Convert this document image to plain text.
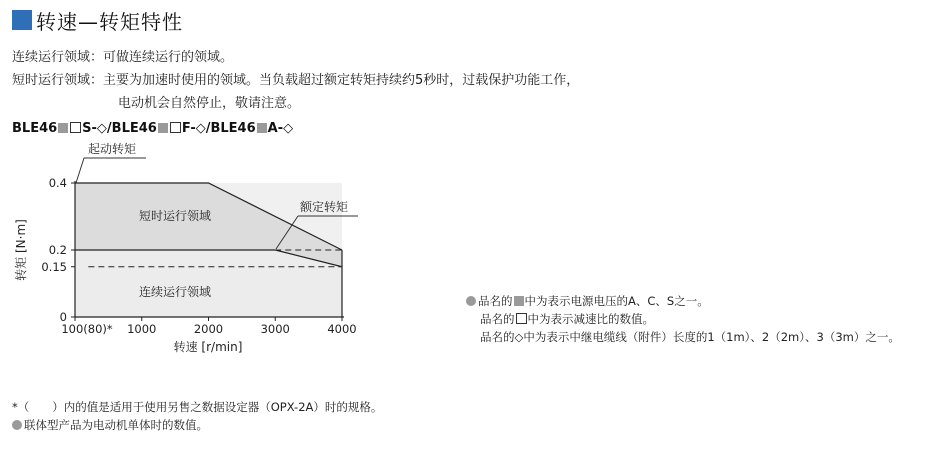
转速—转矩特性
连续运行领域：可做连续运行的领域。
短时运行领域：主要为加速时使用的领域。当负载超过额定转矩持续约5秒时，过载保护功能工作，
电动机会自然停止，敬请注意。
BLE46 S-◇/BLE46 F-◇/BLE46 A-◇
100(80)* 1000	2000	3000	4000
0
0.15
0.2
0.4
短时运行领域
连续运行领域
起动转矩
额定转矩
转矩 [N·m]
转速 [r/min]
品名的 中为表示电源电压的A、C、S之一。
品名的 中为表示减速比的数值。
品名的◇中为表示中继电缆线（附件）长度的1（1m）、2（2m）、3（3m）之一。
*（　　）内的值是适用于使用另售之数据设定器（OPX-2A）时的规格。
联体型产品为电动机单体时的数值。
